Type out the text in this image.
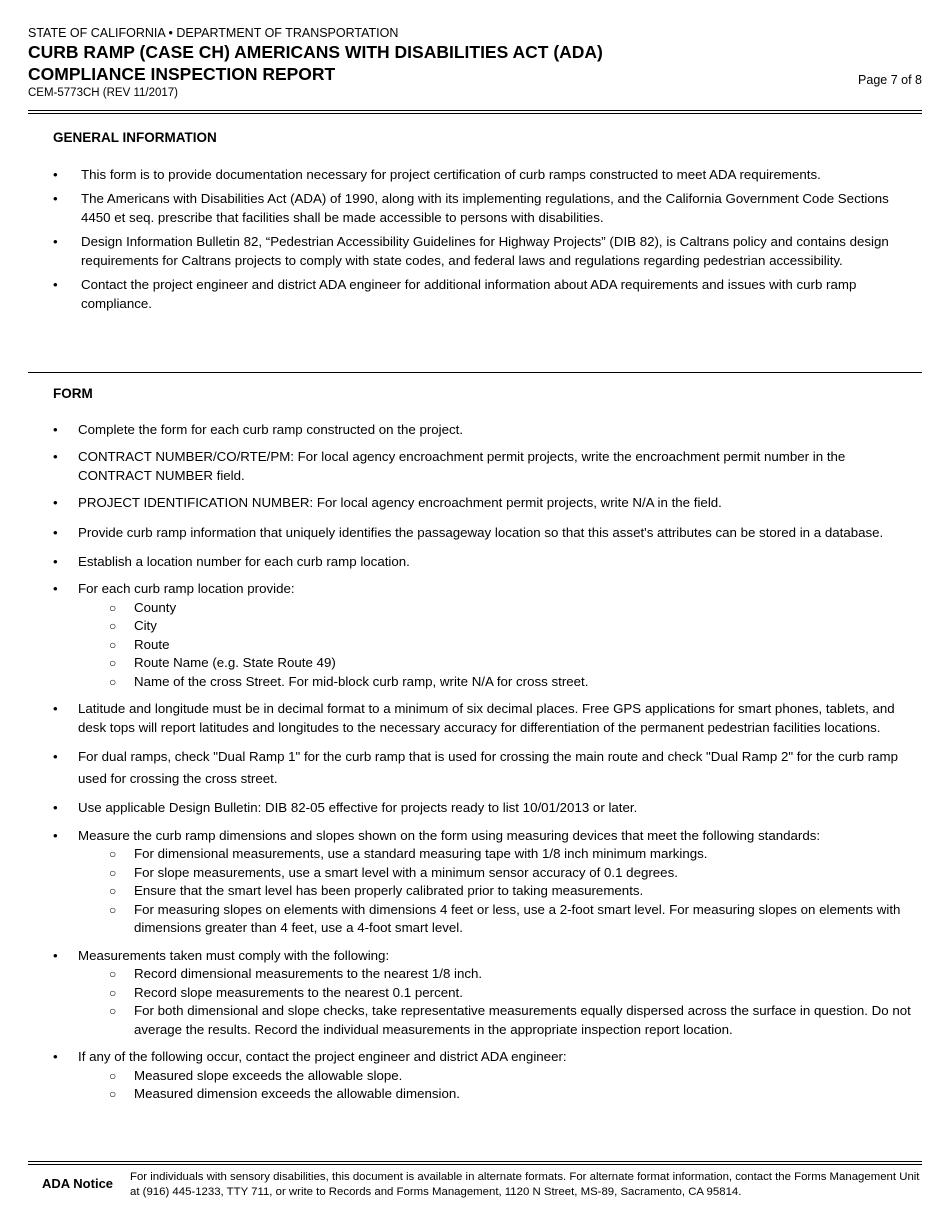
STATE OF CALIFORNIA • DEPARTMENT OF TRANSPORTATION
CURB RAMP (CASE CH) AMERICANS WITH DISABILITIES ACT (ADA)
COMPLIANCE INSPECTION REPORT
CEM-5773CH (REV 11/2017)
Page 7 of 8

GENERAL INFORMATION

• This form is to provide documentation necessary for project certification of curb ramps constructed to meet ADA requirements.
• The Americans with Disabilities Act (ADA) of 1990, along with its implementing regulations, and the California Government Code Sections 4450 et seq. prescribe that facilities shall be made accessible to persons with disabilities.
• Design Information Bulletin 82, “Pedestrian Accessibility Guidelines for Highway Projects” (DIB 82), is Caltrans policy and contains design requirements for Caltrans projects to comply with state codes, and federal laws and regulations regarding pedestrian accessibility.
• Contact the project engineer and district ADA engineer for additional information about ADA requirements and issues with curb ramp compliance.

FORM

• Complete the form for each curb ramp constructed on the project.
• CONTRACT NUMBER/CO/RTE/PM: For local agency encroachment permit projects, write the encroachment permit number in the CONTRACT NUMBER field.
• PROJECT IDENTIFICATION NUMBER: For local agency encroachment permit projects, write N/A in the field.
• Provide curb ramp information that uniquely identifies the passageway location so that this asset's attributes can be stored in a database.
• Establish a location number for each curb ramp location.
• For each curb ramp location provide:
○ County
○ City
○ Route
○ Route Name (e.g. State Route 49)
○ Name of the cross Street. For mid-block curb ramp, write N/A for cross street.
• Latitude and longitude must be in decimal format to a minimum of six decimal places. Free GPS applications for smart phones, tablets, and desk tops will report latitudes and longitudes to the necessary accuracy for differentiation of the permanent pedestrian facilities locations.
• For dual ramps, check "Dual Ramp 1" for the curb ramp that is used for crossing the main route and check "Dual Ramp 2" for the curb ramp used for crossing the cross street.
• Use applicable Design Bulletin: DIB 82-05 effective for projects ready to list 10/01/2013 or later.
• Measure the curb ramp dimensions and slopes shown on the form using measuring devices that meet the following standards:
○ For dimensional measurements, use a standard measuring tape with 1/8 inch minimum markings.
○ For slope measurements, use a smart level with a minimum sensor accuracy of 0.1 degrees.
○ Ensure that the smart level has been properly calibrated prior to taking measurements.
○ For measuring slopes on elements with dimensions 4 feet or less, use a 2-foot smart level. For measuring slopes on elements with dimensions greater than 4 feet, use a 4-foot smart level.
• Measurements taken must comply with the following:
○ Record dimensional measurements to the nearest 1/8 inch.
○ Record slope measurements to the nearest 0.1 percent.
○ For both dimensional and slope checks, take representative measurements equally dispersed across the surface in question. Do not average the results. Record the individual measurements in the appropriate inspection report location.
• If any of the following occur, contact the project engineer and district ADA engineer:
○ Measured slope exceeds the allowable slope.
○ Measured dimension exceeds the allowable dimension.
ADA Notice For individuals with sensory disabilities, this document is available in alternate formats. For alternate format information, contact the Forms Management Unit at (916) 445-1233, TTY 711, or write to Records and Forms Management, 1120 N Street, MS-89, Sacramento, CA 95814.
